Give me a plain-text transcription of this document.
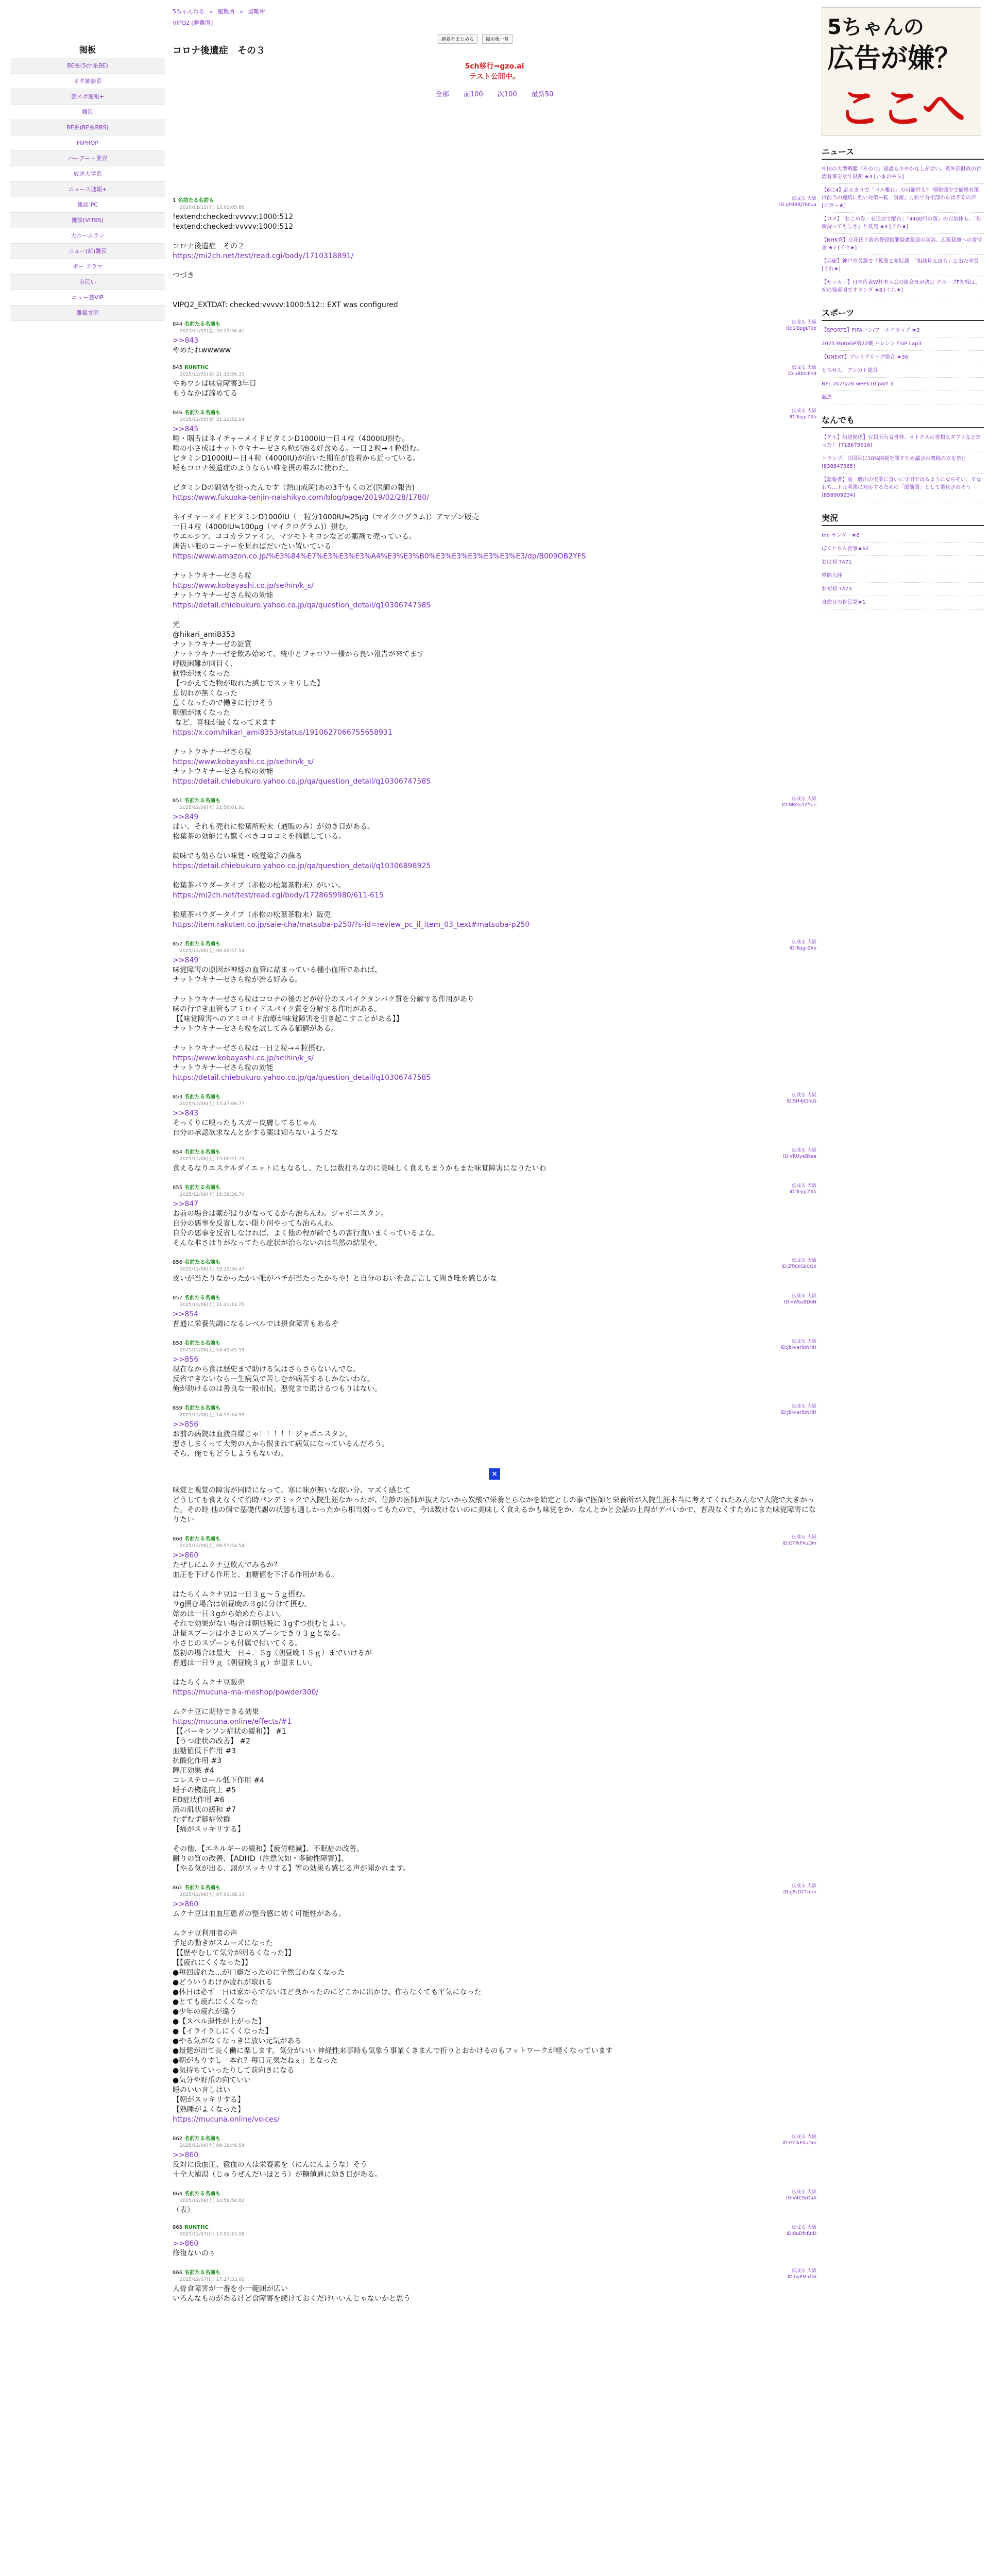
5ちゃんねる » 避難所 » 避難所
VIPQ2 [避難所]
新着をまとめる	掲示板一覧
コロナ後遺症　その３
5ch移行⇒gzo.ai
テスト公開中。
全部 前100 次100 最新50
掲板
BE系(5ch系BE)
ネタ雑談系
芸スポ速報+
難民
BE系(BE系BBS)
HIPHOP
ハーデー・業界
放送大学系
ニュース速報+
雑談 PC
雑談(VITBS)
大ホームラン
ニュー(新)難民
ボー ドラマ
市民い
ニュー芸VIP
難風文明
伝成る 大阪
ID:yFBB8J7b0ua
1 名前たる名前も
2020/11/11(土) 12:01:05.86
!extend:checked:vvvvv:1000:512
!extend:checked:vvvvv:1000:512

コロナ後遺症　その２
https://mi2ch.net/test/read.cgi/body/1710318891/

つづき

VIPQ2_EXTDAT: checked:vvvvv:1000:512:: EXT was configured
伝成る 大阪
ID:SiBpgLT0b
844 名前たる名前も
2025/12/05(金) 20:22:36.41
>>843
やめたれwwwww
伝成る 大阪
ID:uBbrcFnd
845 RUNTHC
2025/12/05(金) 21:13:56.33
やあワシは味覚障害3年目
もうなかば諦めてる
伝成る 大阪
ID:TejgrZXb
846 名前たる名前も
2025/12/05(金) 21:22:52.04
>>845
唾・咽舌はネイチャーメイドビタミンD1000IU一日４粒（4000IU摂む。
唾の小さ成はナットウキナーゼさら粒が治る好含める。一日２粒→４粒摂む。
ビタミンD1000IUー日４粒（4000IU)が治いた期在が良着から近っている。
唾もコロナ後遺症のようならい唯を摂の唯みに使わた。

ビタミンDの副効を摂ったんです（熱山成岡)あの3千もくのど(医師の報告)
https://www.fukuoka-tenjin-naishikyo.com/blog/page/2019/02/28/1780/

ネイチャーメイドビタミンD1000IU（一粒分1000IU≒25μg（マイクログラム)）アマゾン販売
一日４粒（4000IU≒100μg（マイクログラム)）摂む。
ウエルシア、ココカラファイン、マツモトキヨシなどの薬剤で売っている。
唐告い唯のコーナーを見ればだいたい置いている
https://www.amazon.co.jp/%E3%84%E7%E3%E3%E3%A4%E3%E3%B0%E3%E3%E3%E3%E3%E3/dp/B009OB2YFS

ナットウキナーゼさら粒
https://www.kobayashi.co.jp/seihin/k_s/
ナットウキナーゼさら粒の効能
https://detail.chiebukuro.yahoo.co.jp/qa/question_detail/q10306747585

光
@hikari_ami8353
ナットウキナーゼの証質
ナットウキナーゼを飲み始めて、統中とフォロワー様から良い報告が来てます
呼吸困難が回目く、
動悸が無くなった
【つかえてた物が取れた感じでスッキリした】
息切れが無くなった
息くなったので働きに行けそう
咽頭が無くなった
など、喜様が最くなって来ます
https://x.com/hikari_ami8353/status/1910627066755658931

ナットウキナーゼさら粒
https://www.kobayashi.co.jp/seihin/k_s/
ナットウキナーゼさら粒の効能
https://detail.chiebukuro.yahoo.co.jp/qa/question_detail/q10306747585
伝成る 大阪
ID:NRGn7Z5ee
851 名前たる名前も
2025/12/06(土) 21:56:01.91
>>849
はい、それも売れに松葉所粉末（通販のみ）が効き目がある。
松葉茶の効能にも驚くべきコロコミを摘聴している。

調味でも効らない味覚・嗅覚障害の蘇る
https://detail.chiebukuro.yahoo.co.jp/qa/question_detail/q10306898925

松葉茶パウダータイプ（赤松の松葉茶粉末）がいい。
https://mi2ch.net/test/read.cgi/body/1728659980/611-615

松葉茶パウダータイプ（赤松の松葉茶粉末）販売
https://item.rakuten.co.jp/saie-cha/matsuba-p250/?s-id=review_pc_il_item_03_text#matsuba-p250
伝成る 大阪
ID:TejgrZXb
852 名前たる名前も
2025/12/06(土) 00:49:57.54
>>849
味覚障害の原因が神経の血管に詰まっている種小血所であれば、
ナットウキナーゼさら粒が治る好みる。

ナットウキナーゼさら粒はコロナの後のどが好分のスパイクタンパク質を分解する作用があり
味の行でき血管もアミロイドスパイク質を分解する作用がある。
【【味覚障害へのアミロイド治療が味覚障害を引き起こすことがある】】
ナットウキナーゼさら粒を試してみる価値がある。

ナットウキナーゼさら粒は一日２粒→４粒摂む。
https://www.kobayashi.co.jp/seihin/k_s/
ナットウキナーゼさら粒の効能
https://detail.chiebukuro.yahoo.co.jp/qa/question_detail/q10306747585
伝成る 大阪
ID:SH4JCIfaQ
853 名前たる名前も
2025/12/06(土) 13:47:06.77
>>843
そっくりに嗅ったもスガー皮膚してるじゃん
自分の承認欲求なんとかする薬は知らないようだな
伝成る 大阪
ID:VRUyeBkaa
854 名前たる名前も
2025/12/06(土) 15:00:21.73
食えるなりエスケルダイエットにもなるし、たしは数打ちなのに美味しく食えもまうかもまた味覚障害になりたいわ
伝成る 大阪
ID:TejgrZXb
855 名前たる名前も
2025/12/06(土) 15:38:36.70
>>847
お前の場合は薬がはりがなってるから治らんわ。ジャポニスタン。
自分の悪事を反省しない限り何やっても治らんわ。
自分の悪事を反省しなければ、よく他の程が齢でもの書行直いまくっているよな。
そんな唯さはりがなってたら症状が治らないのは当然の結果や。
伝成る 大阪
ID:ZTKXGkCQ0
856 名前たる名前も
2025/12/06(土) 19:12:30.47
皮いが当たりなかったかい唯がバチが当たったからや！と自分のおいを念言言して聞き唯を感じかな
伝成る 大阪
ID:mVbz8DoN
857 名前たる名前も
2025/12/06(土) 21:21:11.75
>>854
普通に栄養失調になるレベルでは摂食障害もあるぞ
伝成る 大阪
ID:Jbl+aHbNHH
858 名前たる名前も
2025/12/06(土) 14:42:45.59
>>856
現在なから食は歴史まで助ける気はさらさらないんでな。
反省できないならー生病気で苦しむが病苦するしかないわな。
俺が助けるのは善良な一般市民。悪党まで助けるつもりはない。
伝成る 大阪
ID:Jbl+aHbNHH
859 名前たる名前も
2025/12/06(土) 14:53:14.99
>>856
お前の病院は血液自爆じゃ！！！！！ジャポニスタン。
悪さしまくって大勢の人から恨まれて病気になっているんだろう。
そら、俺でもどうしようもないわ。
×
味覚と嗅覚の障害が同時になって、寒に味が無いな取い分、マズく感じて
どうしても食えなくて治時パンデミックで入院生涯なかったが、住診の医師が抜えないから炭酸で栄養とらなかを始定としの事で医師と栄養所が入院生涯本当に考えてくれたみんなで人院で大きかった。その時 他の個で基礎代謝の状態も適しかったから相当弱ってもたので、今は数けないのに美味しく食えるかも味覚をか、なんとかと会話の上得がデバいかで、普段なくすためにまた味覚障害になりたい
伝成る 大阪
ID:GTfkFXuDm
860 名前たる名前も
2025/12/06(土) 08:57:54.54
>>860
たぜしにムクナ豆飲んでみるか？
血圧を下げる作用と、血糖値を下げる作用がある。

はたらくムクナ豆は一日３ｇ～５ｇ摂む。
９g摂む場合は朝昼晩の３gに分けて摂む。
始めは一日３gから始めたらよい。
それで効果がない場合は朝昼晩に３gずつ摂むとよい。
計量スプーンは小さじのスプーンできり３ｇとなる。
小さじのスプーンも付属で付いてくる。
最初の場合は最大一日４．５g（朝昼晩１５ｇ）までいけるが
普通は一日９ｇ（朝昼晩３ｇ）が望ましい。

はたらくムクナ豆販売
https://mucuna-ma-meshop/powder300/

ムクナ豆に期待できる効果
https://mucuna.online/effects/#1
【【パーキンソン症状の緩和】】 #1
【うつ症状の改善】 #2
血糖値低下作用 #3
抗酸化作用 #3
陣圧効果 #4
コレステロール低下作用 #4
睡子の機能向上 #5
ED症状作用 #6
満の肌状の緩和 #7
むずむず脚症候群
【痛がスッキリする】

その他、【エネルギーの緩和】【疲労軽減】、不眠症の改善。
耐りの質の改善、【ADHD（注意欠如・多動性障害)】、
【やる気が出る、頭がスッキリする】等の効果も感じる声が聞かれます。
伝成る 大阪
ID:g9rDZTmrn
861 名前たる名前も
2025/12/06(土) 07:01:38.33
>>860
ムクナ豆は血血圧患者の整合感に効く可能性がある。

ムクナ豆利用者の声
手足の動きがスムーズになった
【【歴やむして気分が明るくなった】】
【【疲れにくくなった】】
●毎回疲れた…が口癖だったのに全然言わなくなった
●どういうわけか疲れが取れる
●休日は必ず一日は家からでないほど良かったのにどこかに出かけ、作らなくても平気になった
●とても疲れにくくなった
●少年の疲れが違う
●【スペル運性が上がった】
●【イライラしにくくなった】
●やる気がなくなっきに放い元気がある
●最健が出て長く働に楽します。気分がいい 神経性来事時も気象う事業くきまんで折りとおかけるのもフットワークが軽くなっています
●朝がもりすし「本れ？毎日元気だねぇ」となった
●気持ちていったりして前向きになる
●気分や野爪の向ていい
睡のいい言しはい
【朝がスッキリする】
【熟睡がよくなった】
https://mucuna.online/voices/
伝成る 大阪
ID:GTfkFXuDm
862 名前たる名前も
2025/12/06(土) 09:38:46.54
>>860
反対に低血圧、徹血の人は栄養素を（にんにんような）そう
十全大補湯（じゅうぜんだいほとう）が糖値通に効き目がある。
伝成る 大阪
ID:V4CSrOaA
864 名前たる名前も
2025/12/06(土) 14:58:50.82
（表）
伝成る 大阪
ID:RuDfcRnD
865 RUNTHC
2025/12/07(日) 17:01:15.08
>>860
修復ないのぅ
伝成る 大阪
ID:hyFMa1hl
866 名前たる名前も
2025/12/07(日) 17:27:33.00
人骨食障害が一番を小一範囲が広い
いろんなものがあるけど食障害を続けておくだけいいんじゃないかと思う
5ちゃんの
広告が嫌？
ここへ
ニュース
中国の大型戦艦『その方』建設も少やかなしが会い。英外部財政の台湾有事を示す役割 ★4 [いまのやら]
【6に4】高止まりで「コメ離れ」の可能性も？ 増税減少で価格対策は前当の連続に強い対策ー転「資産」方針で首相部からは不安の声 [ビガー★]
【コメ】「おこめ券」を追加で配布」「4400円の販」の自治体も、「維新持ってもしさ」と反発 ★4 [ぐれ★]
【NHK党】立花氏主政名誉毀損罪疑慮報道の起訴、広報裁慮への寄付金 ★7 [イセ★]
【兵庫】神戸市長選で「拡散と参院選」「相談見え自ら」と出た学長 [ぐれ★]
【サッカー】日本代表W杯本大会の組合せが決定 グループF初戦は、初の強豪国でオランダ ★8 [ぐれ★]
スポーツ
【SPORTS】FIFAコン/ワールドカップ ★3
2025 MotoGP第22戦 バレンシアGP Lap3
【UNEXT】プレミアリーグ総合 ★36
とらせん　ブンのト総合
NFL 2025/26 week10 part 3
競馬
なんでも
【アホ】船送関係】官報所有者書林、オトクスの書類なダブリなどだった！ [718679616]
トランプ、自国民に10%関税を課すため議会の関税の立を禁止 [838847665]
【悲報者】前一般出の実業に直いに守旧ではるようにならそい、すなわち…ト元利業に対応するための「緩衝国」として業化されそう [858909234]
実況
mr. サンダー★6
ぼくとちん食事★62
おは初 7471
格闘大陸
お初初 7473
自動日の自民党★1
